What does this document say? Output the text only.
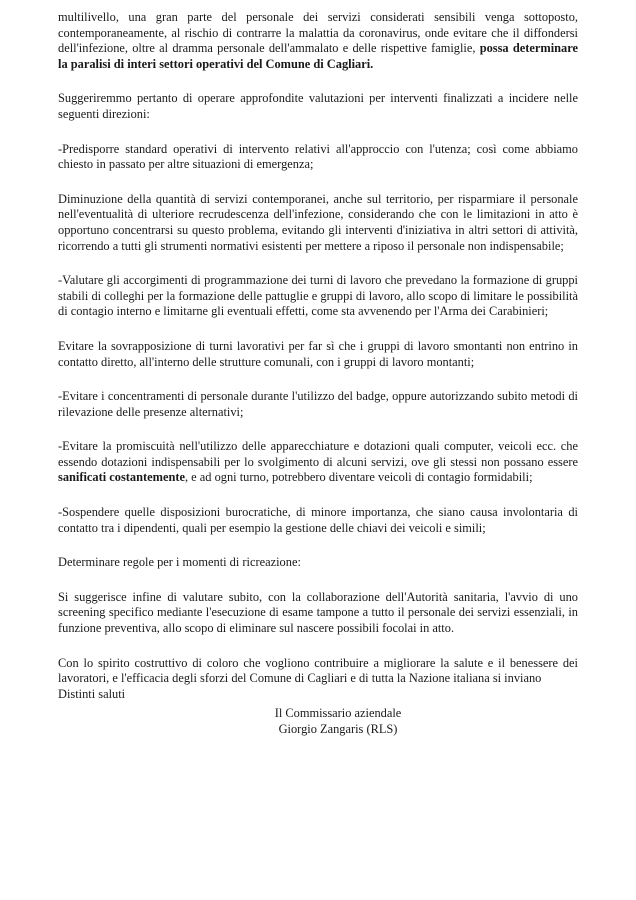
multilivello, una gran parte del personale dei servizi considerati sensibili venga sottoposto, contemporaneamente, al rischio di contrarre la malattia da coronavirus, onde evitare che il diffondersi dell'infezione, oltre al dramma personale dell'ammalato e delle rispettive famiglie, possa determinare la paralisi di interi settori operativi del Comune di Cagliari.

Suggeriremmo pertanto di operare approfondite valutazioni per interventi finalizzati a incidere nelle seguenti direzioni:

-Predisporre standard operativi di intervento relativi all'approccio con l'utenza; così come abbiamo chiesto in passato per altre situazioni di emergenza;

Diminuzione della quantità di servizi contemporanei, anche sul territorio, per risparmiare il personale nell'eventualità di ulteriore recrudescenza dell'infezione, considerando che con le limitazioni in atto è opportuno concentrarsi su questo problema, evitando gli interventi d'iniziativa in altri settori di attività, ricorrendo a tutti gli strumenti normativi esistenti per mettere a riposo il personale non indispensabile;

-Valutare gli accorgimenti di programmazione dei turni di lavoro che prevedano la formazione di gruppi stabili di colleghi per la formazione delle pattuglie e gruppi di lavoro, allo scopo di limitare le possibilità di contagio interno e limitarne gli eventuali effetti, come sta avvenendo per l'Arma dei Carabinieri;

Evitare la sovrapposizione di turni lavorativi per far sì che i gruppi di lavoro smontanti non entrino in contatto diretto, all'interno delle strutture comunali, con i gruppi di lavoro montanti;

-Evitare i concentramenti di personale durante l'utilizzo del badge, oppure autorizzando subito metodi di rilevazione delle presenze alternativi;

-Evitare la promiscuità nell'utilizzo delle apparecchiature e dotazioni quali computer, veicoli ecc. che essendo dotazioni indispensabili per lo svolgimento di alcuni servizi, ove gli stessi non possano essere sanificati costantemente, e ad ogni turno, potrebbero diventare veicoli di contagio formidabili;

-Sospendere quelle disposizioni burocratiche, di minore importanza, che siano causa involontaria di contatto tra i dipendenti, quali per esempio la gestione delle chiavi dei veicoli e simili;

Determinare regole per i momenti di ricreazione:

Si suggerisce infine di valutare subito, con la collaborazione dell'Autorità sanitaria, l'avvio di uno screening specifico mediante l'esecuzione di esame tampone a tutto il personale dei servizi essenziali, in funzione preventiva, allo scopo di eliminare sul nascere possibili focolai in atto.

Con lo spirito costruttivo di coloro che vogliono contribuire a migliorare la salute e il benessere dei lavoratori, e l'efficacia degli sforzi del Comune di Cagliari e di tutta la Nazione italiana si inviano

Distinti saluti

Il Commissario aziendale
Giorgio Zangaris (RLS)
